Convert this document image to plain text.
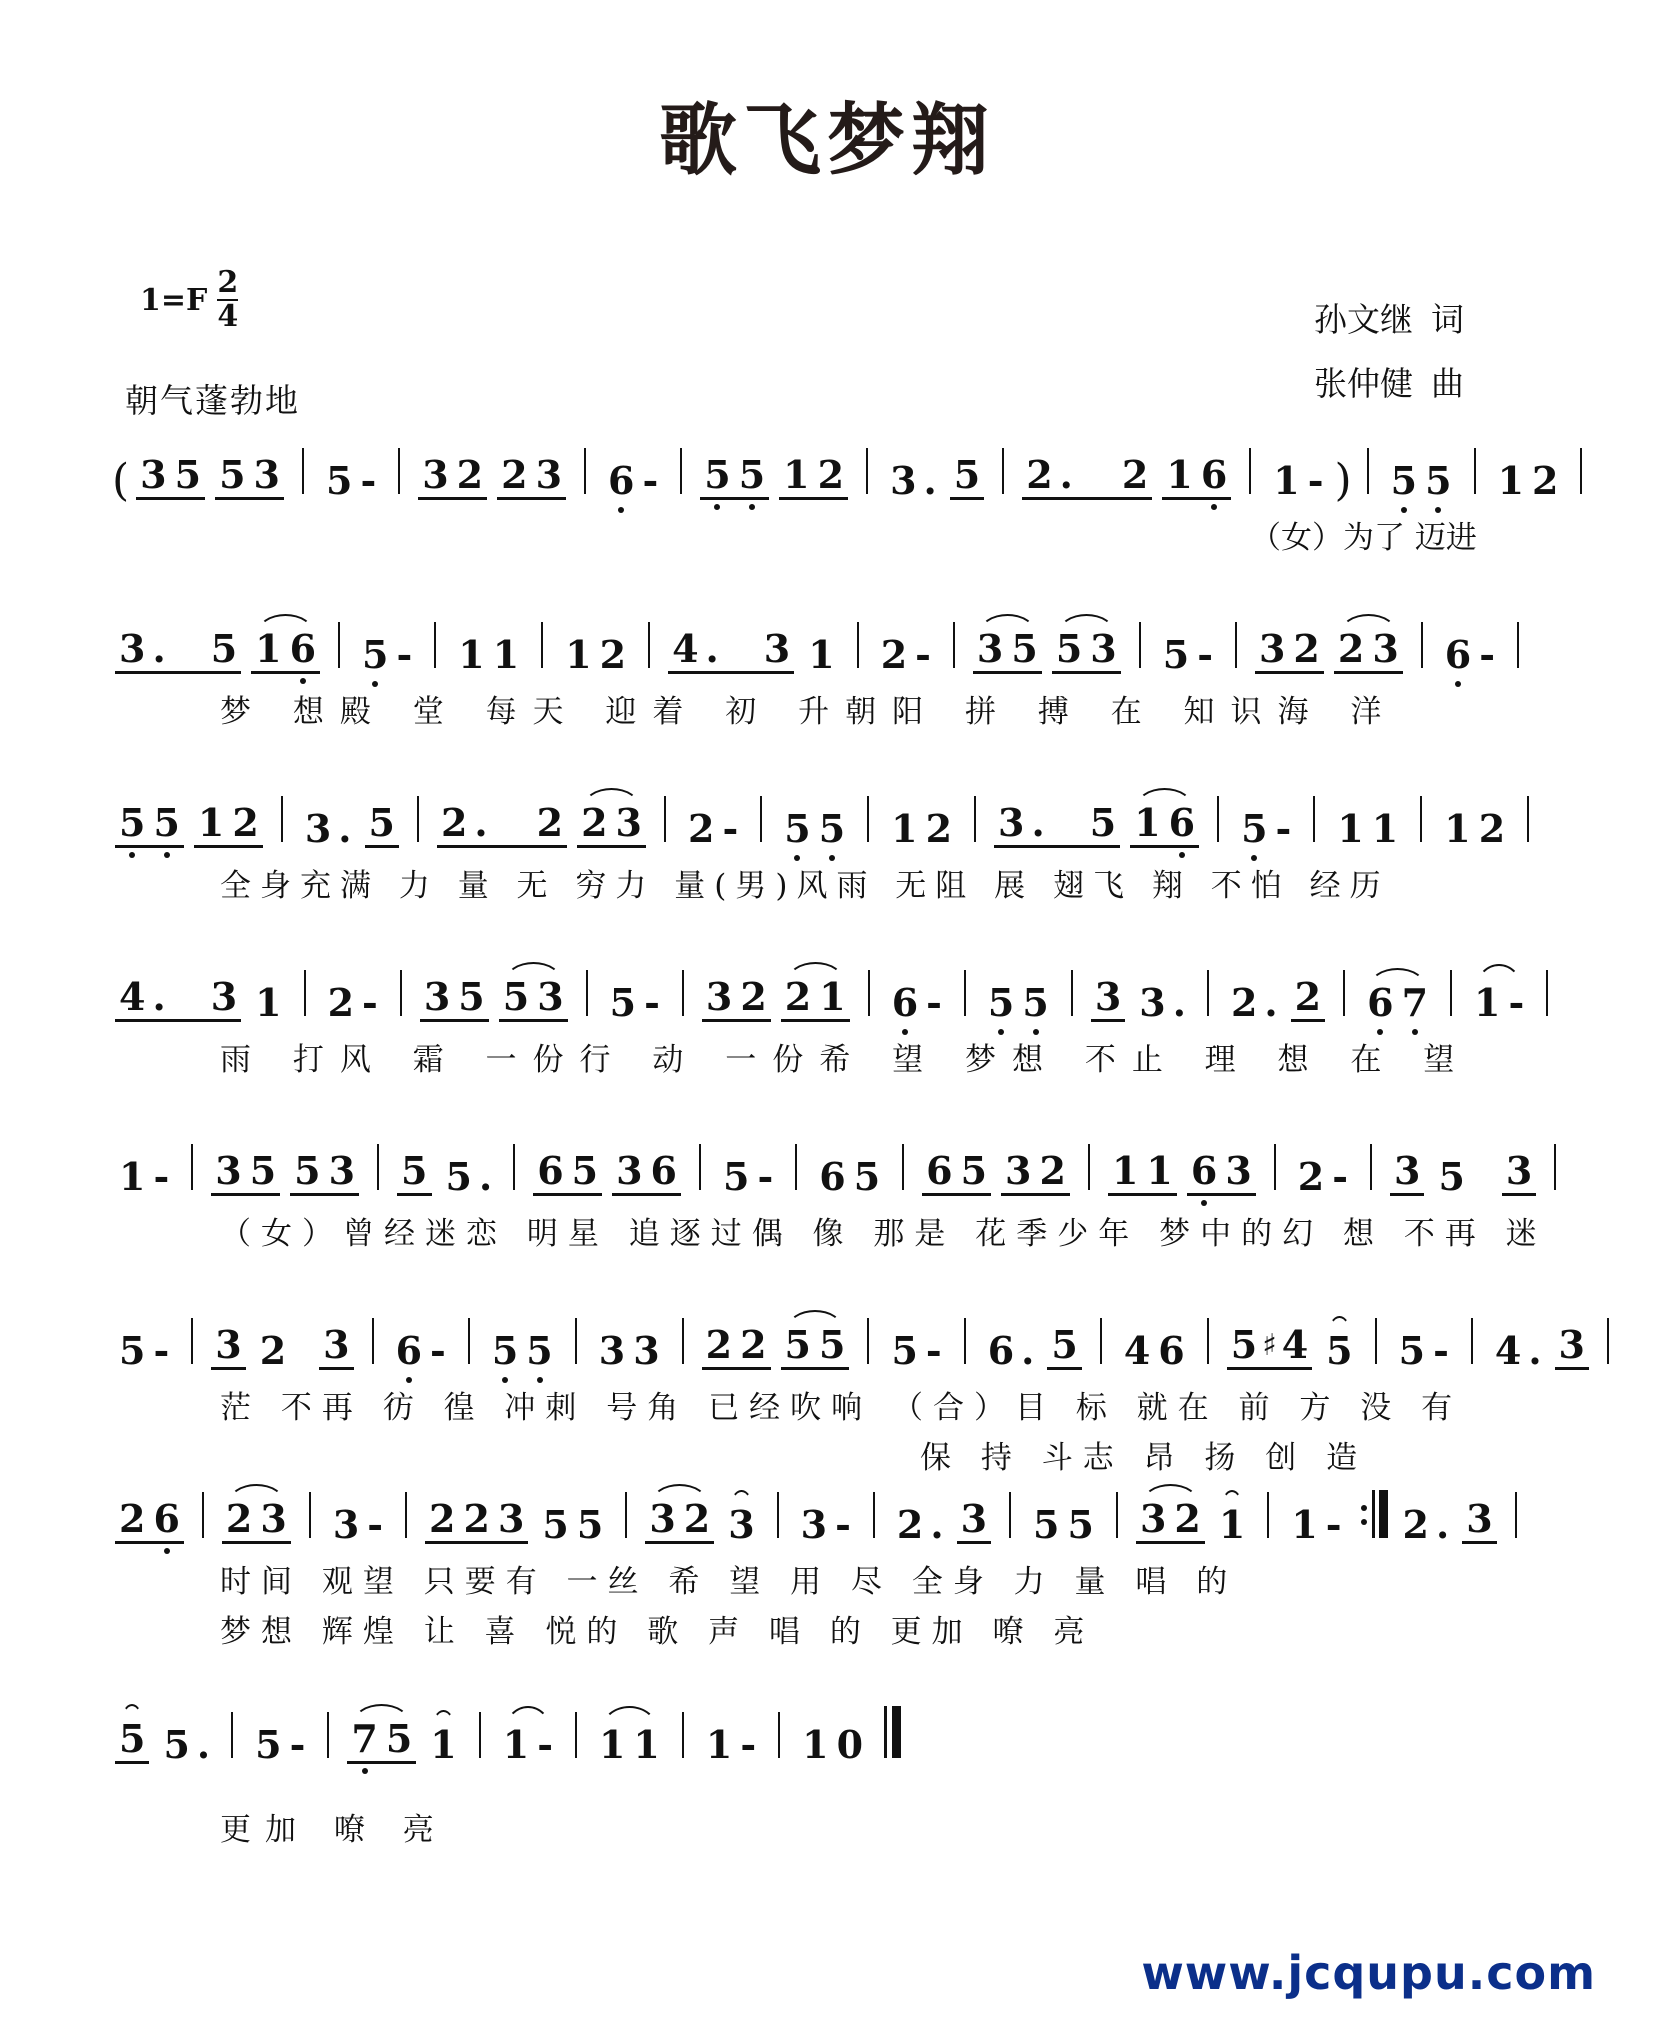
歌飞梦翔
$1=F \frac{2}{4}$	孙文继 词
张仲健 曲
朝气蓬勃地
( 3 5 5 3 5 - 3 2 2 3 6 - 5 5 1 2 3 . 5 2 .	2 1 6 1 - ) 5 5 1 2
（女）为了 迈进
3 .	5 1 6 5 - 1 1 1 2 4 .	3 1 2 - 3 5 5 3 5 - 3 2 2 3 6 -
梦 想殿 堂 每天 迎着 初 升朝阳 拼 搏 在 知识海 洋
5 5 1 2 3 . 5 2 .	2 2 3 2 - 5 5 1 2 3 .	5 1 6 5 - 1 1 1 2
全身充满 力 量 无 穷力 量(男)风雨 无阻 展 翅飞 翔 不怕 经历
4 .	3 1 2 - 3 5 5 3 5 - 3 2 2 1 6 - 5 5 3 3 . 2 . 2 6 7 1 -
雨 打风 霜 一份行 动 一份希 望 梦想 不止 理 想 在 望
1 - 3 5 5 3 5 5 . 6 5 3 6 5 - 6 5 6 5 3 2 1 1 6 3 2 - 3 5 3
（女）曾经迷恋 明星 追逐过偶 像 那是 花季少年 梦中的幻 想 不再 迷
5 - 3 2 3 6 - 5 5 3 3 2 2 5 5 5 - 6 . 5 4 6 5 ♯ 4 5 5 - 4 . 3
茫 不再 彷 徨 冲刺 号角 已经吹响 （合）目 标 就在 前 方 没 有
保 持 斗志 昂 扬 创 造
2 6 2 3 3 - 2 2 3 5 5 3 2 3 3 - 2 . 3 5 5 3 2 1 1 - 2 . 3
时间 观望 只要有 一丝 希 望 用 尽 全身 力 量 唱 的
梦想 辉煌 让 喜 悦的 歌 声 唱 的 更加 嘹 亮
5 5 . 5 - 7 5 1 1 - 1 1 1 - 1 0
更加 嘹 亮
www.jcqupu.com
